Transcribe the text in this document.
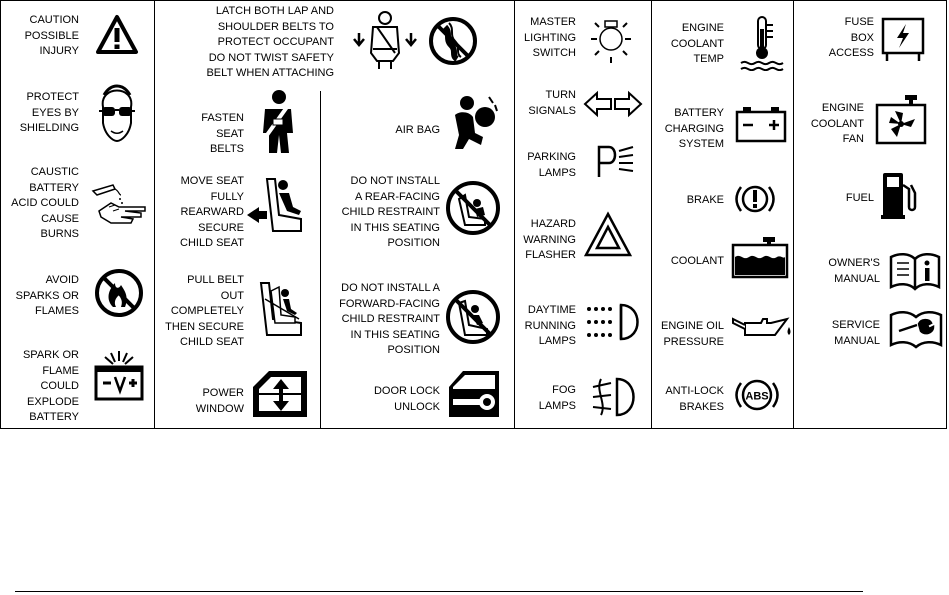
CAUTION
POSSIBLE
INJURY
PROTECT
EYES BY
SHIELDING
CAUSTIC
BATTERY
ACID COULD
CAUSE
BURNS
AVOID
SPARKS OR
FLAMES
SPARK OR
FLAME
COULD
EXPLODE
BATTERY
LATCH BOTH LAP AND
SHOULDER BELTS TO
PROTECT OCCUPANT
DO NOT TWIST SAFETY
BELT WHEN ATTACHING
FASTEN
SEAT
BELTS
AIR BAG
MOVE SEAT
FULLY
REARWARD
SECURE
CHILD SEAT
DO NOT INSTALL
A REAR-FACING
CHILD RESTRAINT
IN THIS SEATING
POSITION
PULL BELT
OUT
COMPLETELY
THEN SECURE
CHILD SEAT
DO NOT INSTALL A
FORWARD-FACING
CHILD RESTRAINT
IN THIS SEATING
POSITION
POWER
WINDOW
DOOR LOCK
UNLOCK
MASTER
LIGHTING
SWITCH
TURN
SIGNALS
PARKING
LAMPS
HAZARD
WARNING
FLASHER
DAYTIME
RUNNING
LAMPS
FOG
LAMPS
ENGINE
COOLANT
TEMP
BATTERY
CHARGING
SYSTEM
BRAKE
COOLANT
ENGINE OIL
PRESSURE
ANTI-LOCK
BRAKES
ABS
FUSE
BOX
ACCESS
ENGINE
COOLANT
FAN
FUEL
OWNER'S
MANUAL
SERVICE
MANUAL
